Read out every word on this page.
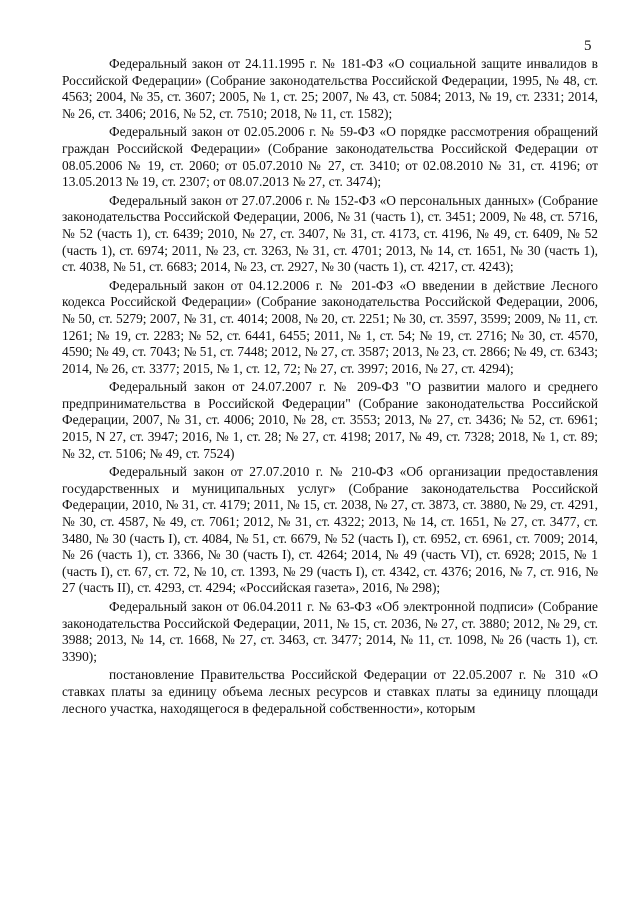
5

Федеральный закон от 24.11.1995 г. № 181-ФЗ «О социальной защите инвалидов в Российской Федерации» (Собрание законодательства Российской Федерации, 1995, № 48, ст. 4563; 2004, № 35, ст. 3607; 2005, № 1, ст. 25; 2007, № 43, ст. 5084; 2013, № 19, ст. 2331; 2014, № 26, ст. 3406; 2016, № 52, ст. 7510; 2018, № 11, ст. 1582);

Федеральный закон от 02.05.2006 г. № 59-ФЗ «О порядке рассмотрения обращений граждан Российской Федерации» (Собрание законодательства Российской Федерации от 08.05.2006 № 19, ст. 2060; от 05.07.2010 № 27, ст. 3410; от 02.08.2010 № 31, ст. 4196; от 13.05.2013 № 19, ст. 2307; от 08.07.2013 № 27, ст. 3474);

Федеральный закон от 27.07.2006 г. № 152-ФЗ «О персональных данных» (Собрание законодательства Российской Федерации, 2006, № 31 (часть 1), ст. 3451; 2009, № 48, ст. 5716, № 52 (часть 1), ст. 6439; 2010, № 27, ст. 3407, № 31, ст. 4173, ст. 4196, № 49, ст. 6409, № 52 (часть 1), ст. 6974; 2011, № 23, ст. 3263, № 31, ст. 4701; 2013, № 14, ст. 1651, № 30 (часть 1), ст. 4038, № 51, ст. 6683; 2014, № 23, ст. 2927, № 30 (часть 1), ст. 4217, ст. 4243);

Федеральный закон от 04.12.2006 г. № 201-ФЗ «О введении в действие Лесного кодекса Российской Федерации» (Собрание законодательства Российской Федерации, 2006, № 50, ст. 5279; 2007, № 31, ст. 4014; 2008, № 20, ст. 2251; № 30, ст. 3597, 3599; 2009, № 11, ст. 1261; № 19, ст. 2283; № 52, ст. 6441, 6455; 2011, № 1, ст. 54; № 19, ст. 2716; № 30, ст. 4570, 4590; № 49, ст. 7043; № 51, ст. 7448; 2012, № 27, ст. 3587; 2013, № 23, ст. 2866; № 49, ст. 6343; 2014, № 26, ст. 3377; 2015, № 1, ст. 12, 72; № 27, ст. 3997; 2016, № 27, ст. 4294);

Федеральный закон от 24.07.2007 г. № 209-ФЗ "О развитии малого и среднего предпринимательства в Российской Федерации" (Собрание законодательства Российской Федерации, 2007, № 31, ст. 4006; 2010, № 28, ст. 3553; 2013, № 27, ст. 3436; № 52, ст. 6961; 2015, N 27, ст. 3947; 2016, № 1, ст. 28; № 27, ст. 4198; 2017, № 49, ст. 7328; 2018, № 1, ст. 89; № 32, ст. 5106; № 49, ст. 7524)

Федеральный закон от 27.07.2010 г. № 210-ФЗ «Об организации предоставления государственных и муниципальных услуг» (Собрание законодательства Российской Федерации, 2010, № 31, ст. 4179; 2011, № 15, ст. 2038, № 27, ст. 3873, ст. 3880, № 29, ст. 4291, № 30, ст. 4587, № 49, ст. 7061; 2012, № 31, ст. 4322; 2013, № 14, ст. 1651, № 27, ст. 3477, ст. 3480, № 30 (часть I), ст. 4084, № 51, ст. 6679, № 52 (часть I), ст. 6952, ст. 6961, ст. 7009; 2014, № 26 (часть 1), ст. 3366, № 30 (часть I), ст. 4264; 2014, № 49 (часть VI), ст. 6928; 2015, № 1 (часть I), ст. 67, ст. 72, № 10, ст. 1393, № 29 (часть I), ст. 4342, ст. 4376; 2016, № 7, ст. 916, № 27 (часть II), ст. 4293, ст. 4294; «Российская газета», 2016, № 298);

Федеральный закон от 06.04.2011 г. № 63-ФЗ «Об электронной подписи» (Собрание законодательства Российской Федерации, 2011, № 15, ст. 2036, № 27, ст. 3880; 2012, № 29, ст. 3988; 2013, № 14, ст. 1668, № 27, ст. 3463, ст. 3477; 2014, № 11, ст. 1098, № 26 (часть 1), ст. 3390);

постановление Правительства Российской Федерации от 22.05.2007 г. № 310 «О ставках платы за единицу объема лесных ресурсов и ставках платы за единицу площади лесного участка, находящегося в федеральной собственности», которым
